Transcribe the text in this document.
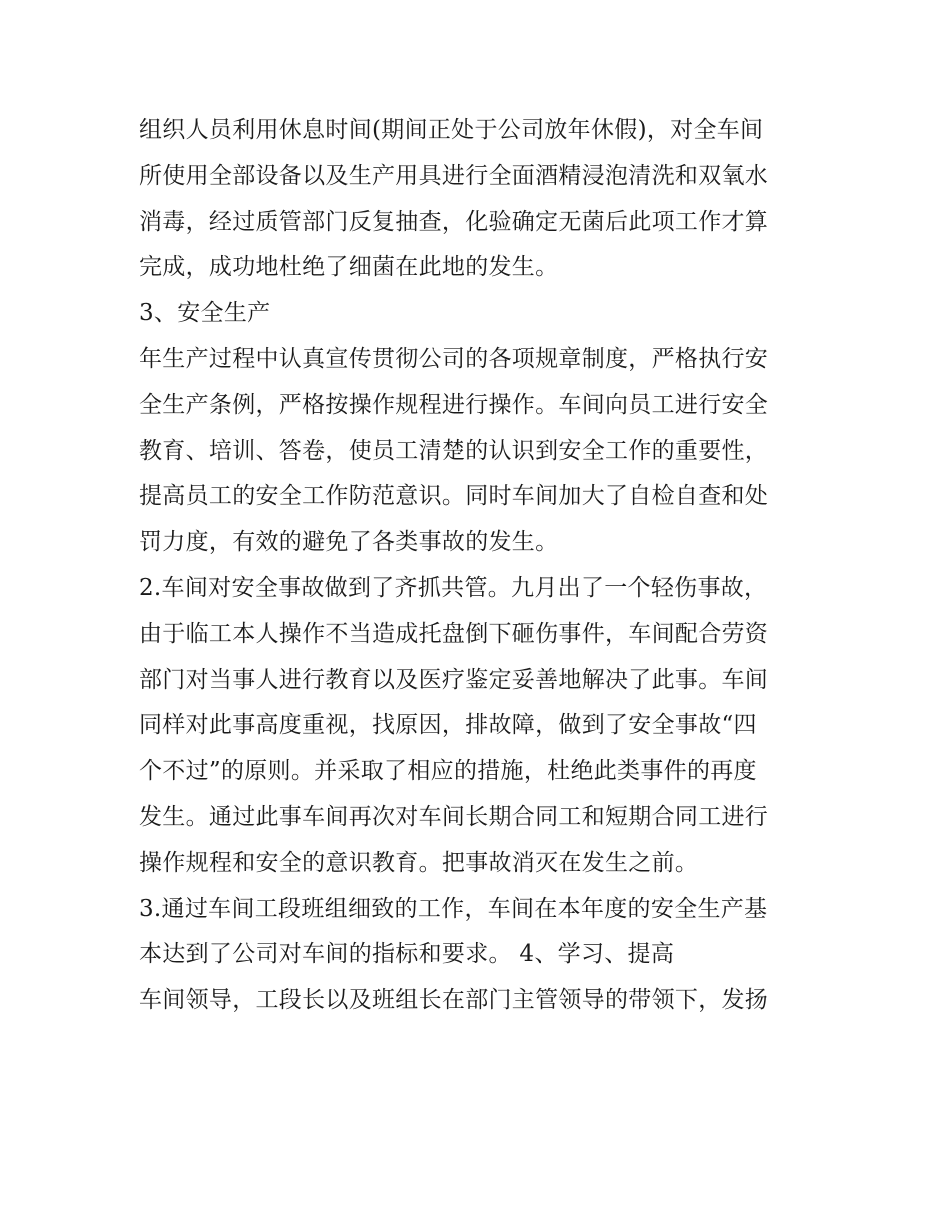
组织人员利用休息时间(期间正处于公司放年休假)，对全车间
所使用全部设备以及生产用具进行全面酒精浸泡清洗和双氧水
消毒，经过质管部门反复抽查，化验确定无菌后此项工作才算
完成，成功地杜绝了细菌在此地的发生。
3、安全生产
年生产过程中认真宣传贯彻公司的各项规章制度，严格执行安
全生产条例，严格按操作规程进行操作。车间向员工进行安全
教育、培训、答卷，使员工清楚的认识到安全工作的重要性，
提高员工的安全工作防范意识。同时车间加大了自检自查和处
罚力度，有效的避免了各类事故的发生。
2.车间对安全事故做到了齐抓共管。九月出了一个轻伤事故，
由于临工本人操作不当造成托盘倒下砸伤事件，车间配合劳资
部门对当事人进行教育以及医疗鉴定妥善地解决了此事。车间
同样对此事高度重视，找原因，排故障，做到了安全事故“四
个不过”的原则。并采取了相应的措施，杜绝此类事件的再度
发生。通过此事车间再次对车间长期合同工和短期合同工进行
操作规程和安全的意识教育。把事故消灭在发生之前。
3.通过车间工段班组细致的工作，车间在本年度的安全生产基
本达到了公司对车间的指标和要求。 4、学习、提高
车间领导，工段长以及班组长在部门主管领导的带领下，发扬
